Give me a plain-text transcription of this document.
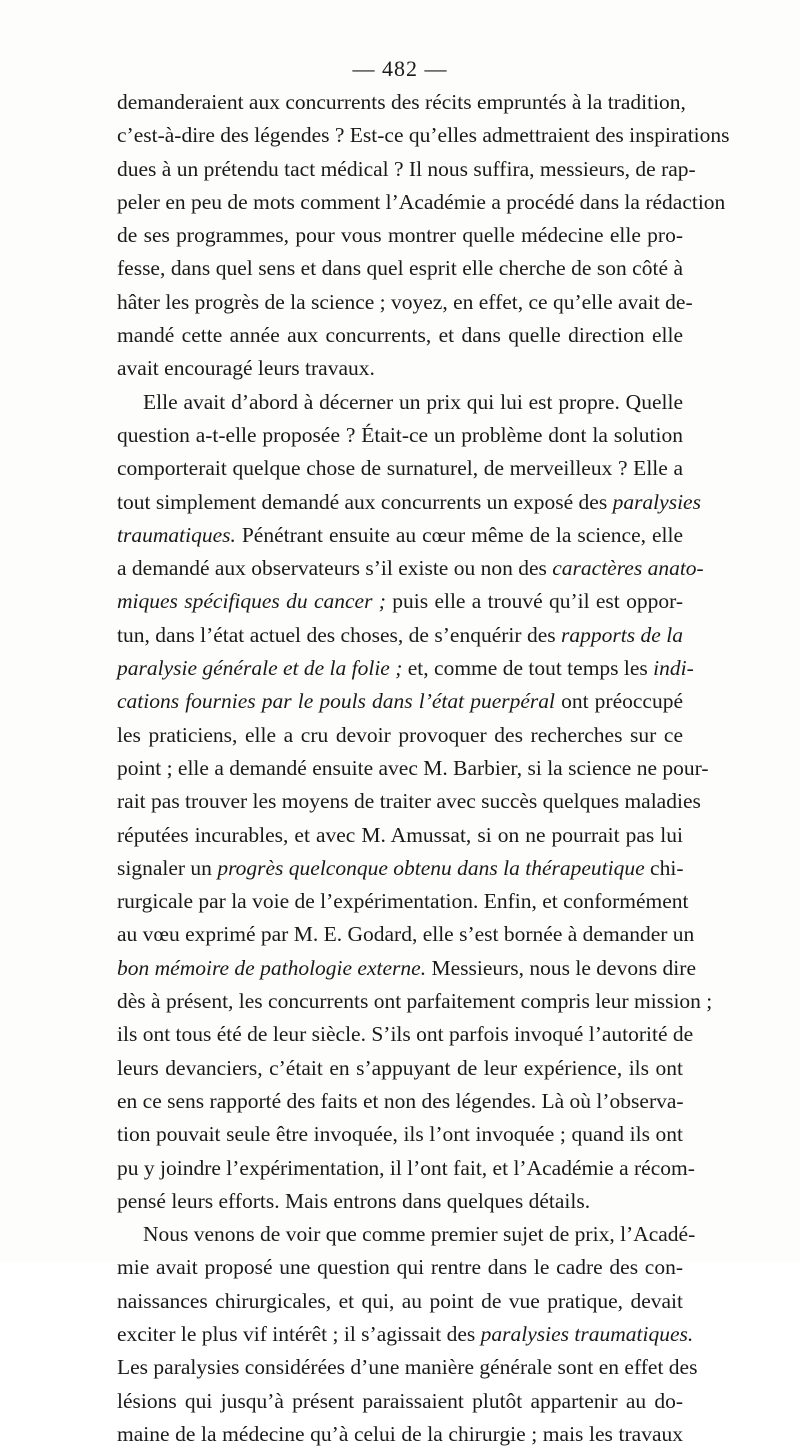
— 482 —
demanderaient aux concurrents des récits empruntés à la tradition,
c’est-à-dire des légendes ? Est-ce qu’elles admettraient des inspirations
dues à un prétendu tact médical ? Il nous suffira, messieurs, de rap-
peler en peu de mots comment l’Académie a procédé dans la rédaction
de ses programmes, pour vous montrer quelle médecine elle pro-
fesse, dans quel sens et dans quel esprit elle cherche de son côté à
hâter les progrès de la science ; voyez, en effet, ce qu’elle avait de-
mandé cette année aux concurrents, et dans quelle direction elle
avait encouragé leurs travaux.
Elle avait d’abord à décerner un prix qui lui est propre. Quelle
question a-t-elle proposée ? Était-ce un problème dont la solution
comporterait quelque chose de surnaturel, de merveilleux ? Elle a
tout simplement demandé aux concurrents un exposé des paralysies
traumatiques. Pénétrant ensuite au cœur même de la science, elle
a demandé aux observateurs s’il existe ou non des caractères anato-
miques spécifiques du cancer ; puis elle a trouvé qu’il est oppor-
tun, dans l’état actuel des choses, de s’enquérir des rapports de la
paralysie générale et de la folie ; et, comme de tout temps les indi-
cations fournies par le pouls dans l’état puerpéral ont préoccupé
les praticiens, elle a cru devoir provoquer des recherches sur ce
point ; elle a demandé ensuite avec M. Barbier, si la science ne pour-
rait pas trouver les moyens de traiter avec succès quelques maladies
réputées incurables, et avec M. Amussat, si on ne pourrait pas lui
signaler un progrès quelconque obtenu dans la thérapeutique chi-
rurgicale par la voie de l’expérimentation. Enfin, et conformément
au vœu exprimé par M. E. Godard, elle s’est bornée à demander un
bon mémoire de pathologie externe. Messieurs, nous le devons dire
dès à présent, les concurrents ont parfaitement compris leur mission ;
ils ont tous été de leur siècle. S’ils ont parfois invoqué l’autorité de
leurs devanciers, c’était en s’appuyant de leur expérience, ils ont
en ce sens rapporté des faits et non des légendes. Là où l’observa-
tion pouvait seule être invoquée, ils l’ont invoquée ; quand ils ont
pu y joindre l’expérimentation, il l’ont fait, et l’Académie a récom-
pensé leurs efforts. Mais entrons dans quelques détails.
Nous venons de voir que comme premier sujet de prix, l’Acadé-
mie avait proposé une question qui rentre dans le cadre des con-
naissances chirurgicales, et qui, au point de vue pratique, devait
exciter le plus vif intérêt ; il s’agissait des paralysies traumatiques.
Les paralysies considérées d’une manière générale sont en effet des
lésions qui jusqu’à présent paraissaient plutôt appartenir au do-
maine de la médecine qu’à celui de la chirurgie ; mais les travaux
